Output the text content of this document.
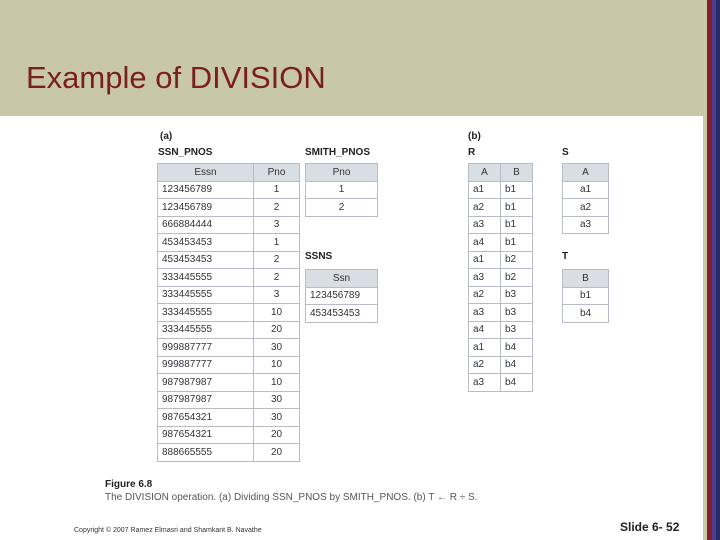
Example of DIVISION
(a)	(b)
SSN_PNOS	SMITH_PNOS
SSNS
R	S
T
Essn	Pno
123456789	1
123456789	2
666884444	3
453453453	1
453453453	2
333445555	2
333445555	3
333445555	10
333445555	20
999887777	30
999887777	10
987987987	10
987987987	30
987654321	30
987654321	20
888665555	20
Pno
1
2
Ssn
123456789
453453453
A	B
a1	b1
a2	b1
a3	b1
a4	b1
a1	b2
a3	b2
a2	b3
a3	b3
a4	b3
a1	b4
a2	b4
a3	b4
A
a1
a2
a3
B
b1
b4
Figure 6.8
The DIVISION operation. (a) Dividing SSN_PNOS by SMITH_PNOS. (b) T ← R ÷ S.
Copyright © 2007 Ramez Elmasri and Shamkant B. Navathe	Slide 6- 52
